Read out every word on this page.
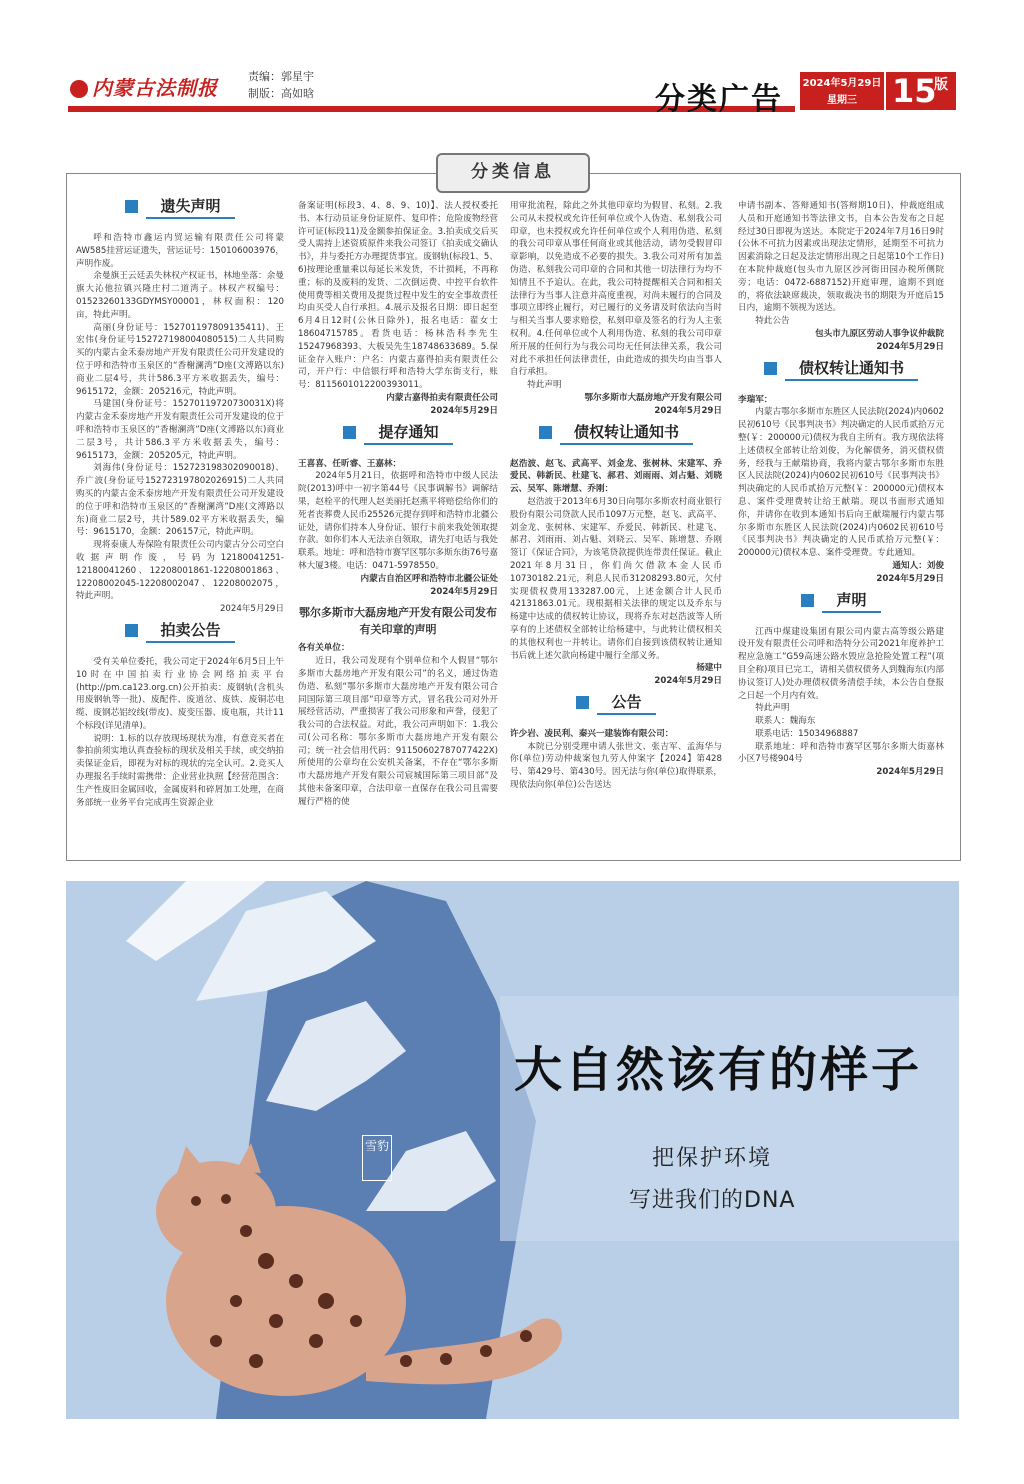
内蒙古法制报	责编：郭星宇
制版：高如晗	分类广告 2024年5月29日
星期三	15
版
分类信息
遗失声明

呼和浩特市鑫运内贸运输有限责任公司将蒙AW585挂营运证遗失，营运证号：150106003976，声明作废。

余曼旗王云廷丢失林权产权证书，林地坐落：余曼旗大沁他拉镇兴隆庄村二道湾子。林权产权编号：01523260133GDYMSY00001，林权面积：120亩，特此声明。

高丽(身份证号：152701197809135411)、王宏伟(身份证号152727198004080515)二人共同购买的内蒙古金禾泰房地产开发有限责任公司开发建设的位于呼和浩特市玉泉区的“香榭澜湾”D座(文溥路以东)商业二层4号，共计586.3平方米收据丢失，编号：9615172，金额：205216元，特此声明。

马建国(身份证号：15270119720730031X)将内蒙古金禾泰房地产开发有限责任公司开发建设的位于呼和浩特市玉泉区的“香榭澜湾”D座(文溥路以东)商业二层3号，共计586.3平方米收据丢失，编号：9615173，金额：205205元，特此声明。

刘海伟(身份证号：152723198302090018)、乔广波(身份证号152723197802026915)二人共同购买的内蒙古金禾泰房地产开发有限责任公司开发建设的位于呼和浩特市玉泉区的“香榭澜湾”D座(文溥路以东)商业二层2号，共计589.02平方米收据丢失，编号：9615170，金额：206157元，特此声明。

现将泰康人寿保险有限责任公司内蒙古分公司空白收据声明作废，号码为12180041251-12180041260、12208001861-12208001863、12208002045-12208002047、12208002075，特此声明。

2024年5月29日

拍卖公告

受有关单位委托，我公司定于2024年6月5日上午10时在中国拍卖行业协会网络拍卖平台(http://pm.ca123.org.cn)公开拍卖：废钢轨(含机头用废钢轨等一批)、废配件、废道岔、废铁、废铜芯电缆、废钢芯铝绞线(带皮)、废变压器、废电瓶，共计11个标段(详见清单)。

说明：1.标的以存放现场现状为准，有意竞买者在参拍前须实地认真查验标的现状及相关手续，或交纳拍卖保证金后，即视为对标的现状的完全认可。2.竞买人办理报名手续时需携带：企业营业执照【经营范围含：生产性废旧金属回收，金属废料和碎屑加工处理，在商务部统一业务平台完成再生资源企业

备案证明(标段3、4、8、9、10)】、法人授权委托书、本行动员证身份证原件、复印件；危险废物经营许可证(标段11)及金额参拍保证金。3.拍卖成交后买受人需持上述资质原件来我公司签订《拍卖成交确认书》，并与委托方办理提货事宜。废钢轨(标段1、5、6)按理论重量乘以每延长米发货，不计损耗，不再称重；标的及废料的发货、二次倒运费、中控平台软件使用费等相关费用及提货过程中发生的安全事故责任均由买受人自行承担。4.展示及报名日期：即日起至6月4日12时(公休日除外)，报名电话：翟女士18604715785。看货电话：杨林浩科李先生15247968393、大板吴先生18748633689。5.保证金存入账户：户名：内蒙古嘉得拍卖有限责任公司，开户行：中信银行呼和浩特大学东街支行，账号：8115601012200393011。

内蒙古嘉得拍卖有限责任公司

2024年5月29日

提存通知

王喜喜、任昕睿、王嘉林：

2024年5月21日，依据呼和浩特市中级人民法院(2013)呼中一初字第44号《民事调解书》调解结果，赵栓平的代理人赵美丽托赵燕平将赔偿给你们的死者丧葬费人民币25526元提存到呼和浩特市北疆公证处，请你们持本人身份证、银行卡前来我处领取提存款。如你们本人无法亲自领取，请先打电话与我处联系。地址：呼和浩特市赛罕区鄂尔多斯东街76号嘉林大厦3楼。电话：0471-5978550。

内蒙古自治区呼和浩特市北疆公证处

2024年5月29日

鄂尔多斯市大磊房地产开发有限公司发布有关印章的声明

各有关单位：

近日，我公司发现有个别单位和个人假冒“鄂尔多斯市大磊房地产开发有限公司”的名义，通过伪造伪造、私刻“鄂尔多斯市大磊房地产开发有限公司合同国际第三项目部”印章等方式，冒名我公司对外开展经营活动，严重损害了我公司形象和声誉，侵犯了我公司的合法权益。对此，我公司声明如下：1.我公司(公司名称：鄂尔多斯市大磊房地产开发有限公司；统一社会信用代码：91150602787077422X)所使用的公章均在公安机关备案，不存在“鄂尔多斯市大磊房地产开发有限公司宸城国际第三项目部”及其他未备案印章，合法印章一直保存在我公司且需要履行严格的使

用审批流程，除此之外其他印章均为假冒、私刻。2.我公司从未授权或允许任何单位或个人伪造、私刻我公司印章，也未授权或允许任何单位或个人利用伪造、私刻的我公司印章从事任何商业或其他活动，请勿受假冒印章影响，以免造成不必要的损失。3.我公司对所有加盖伪造、私刻我公司印章的合同和其他一切法律行为均不知情且不予追认。在此，我公司特提醒相关合同和相关法律行为当事人注意并高度重视，对尚未履行的合同及事项立即终止履行，对已履行的义务请及时依法向当时与相关当事人要求赔偿，私刻印章及签名的行为人主张权利。4.任何单位或个人利用伪造、私刻的我公司印章所开展的任何行为与我公司均无任何法律关系，我公司对此不承担任何法律责任，由此造成的损失均由当事人自行承担。

特此声明

鄂尔多斯市大磊房地产开发有限公司

2024年5月29日

债权转让通知书

赵浩波、赵飞、武高平、刘金龙、张树林、宋建军、乔爱民、韩新民、杜建飞、郝君、刘雨雨、刘占魁、刘晓云、吴军、陈增慧、乔刚：

赵浩波于2013年6月30日向鄂尔多斯农村商业银行股份有限公司贷款人民币1097万元整，赵飞、武高平、刘金龙、张树林、宋建军、乔爱民、韩新民、杜建飞、郝君、刘雨雨、刘占魁、刘晓云、吴军、陈增慧、乔刚签订《保证合同》，为该笔贷款提供连带责任保证。截止2021年8月31日，你们尚欠借款本金人民币10730182.21元，利息人民币31208293.80元，欠付实现债权费用133287.00元，上述金额合计人民币42131863.01元。现根据相关法律的规定以及乔东与杨建中达成的债权转让协议，现将乔东对赵浩波等人所享有的上述债权全部转让给杨建中，与此转让债权相关的其他权利也一并转让。请你们自接到该债权转让通知书后就上述欠款向杨建中履行全部义务。

杨建中

2024年5月29日

公告

许少岩、凌民利、秦兴一建装饰有限公司：

本院已分别受理申请人张世文、张吉军、孟海华与你(单位)劳动仲裁案包九劳人仲案字【2024】第428号、第429号、第430号。因无法与你(单位)取得联系，现依法向你(单位)公告送达

申请书副本、答辩通知书(答辩期10日)、仲裁庭组成人员和开庭通知书等法律文书，自本公告发布之日起经过30日即视为送达。本院定于2024年7月16日9时(公休不可抗力因素或出现法定情形，延期至不可抗力因素消除之日起及法定情形出现之日起第10个工作日)在本院仲裁庭(包头市九原区沙河街田园办税所侧院旁；电话：0472-6887152)开庭审理，逾期不到庭的，将依法缺席裁决，领取裁决书的期限为开庭后15日内，逾期不领视为送达。

特此公告

包头市九原区劳动人事争议仲裁院

2024年5月29日

债权转让通知书

李瑞军：

内蒙古鄂尔多斯市东胜区人民法院(2024)内0602民初610号《民事判决书》判决确定的人民币贰拾万元整(￥：200000元)债权为我自主所有。我方现依法将上述债权全部转让给刘俊，为化解债务，消灭债权债务，经我与王献瑞协商，我将内蒙古鄂尔多斯市东胜区人民法院(2024)内0602民初610号《民事判决书》判决确定的人民币贰拾万元整(￥：200000元)债权本息、案件受理费转让给王献瑞。现以书面形式通知你，并请你在收到本通知书后向王献瑞履行内蒙古鄂尔多斯市东胜区人民法院(2024)内0602民初610号《民事判决书》判决确定的人民币贰拾万元整(￥：200000元)债权本息、案件受理费。专此通知。

通知人：刘俊

2024年5月29日

声明

江西中煤建设集团有限公司内蒙古高等级公路建设开发有限责任公司呼和浩特分公司2021年度养护工程应急施工”G59高速公路水毁应急抢险处置工程”(项目全称)项目已完工，请相关债权债务人到魏海东(内部协议签订人)处办理债权债务清偿手续，本公告自登报之日起一个月内有效。

特此声明

联系人：魏海东

联系电话：15034968887

联系地址：呼和浩特市赛罕区鄂尔多斯大街嘉林小区7号楼904号

2024年5月29日

雪豹
大自然该有的样子
把保护环境
写进我们的DNA
